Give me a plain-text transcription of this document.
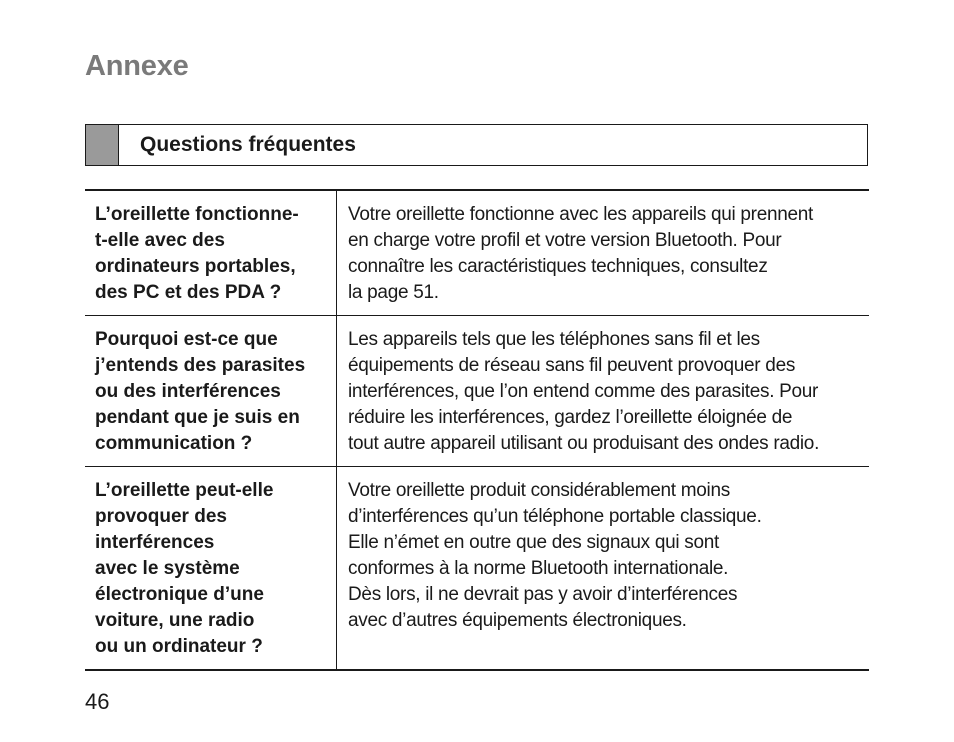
Annexe
Questions fréquentes
L’oreillette fonctionne-
t-elle avec des
ordinateurs portables,
des PC et des PDA ?
Votre oreillette fonctionne avec les appareils qui prennent
en charge votre profil et votre version Bluetooth. Pour
connaître les caractéristiques techniques, consultez
la page 51.
Pourquoi est-ce que
j’entends des parasites
ou des interférences
pendant que je suis en
communication ?
Les appareils tels que les téléphones sans fil et les
équipements de réseau sans fil peuvent provoquer des
interférences, que l’on entend comme des parasites. Pour
réduire les interférences, gardez l’oreillette éloignée de
tout autre appareil utilisant ou produisant des ondes radio.
L’oreillette peut-elle
provoquer des
interférences
avec le système
électronique d’une
voiture, une radio
ou un ordinateur ?
Votre oreillette produit considérablement moins
d’interférences qu’un téléphone portable classique.
Elle n’émet en outre que des signaux qui sont
conformes à la norme Bluetooth internationale.
Dès lors, il ne devrait pas y avoir d’interférences
avec d’autres équipements électroniques.
46
